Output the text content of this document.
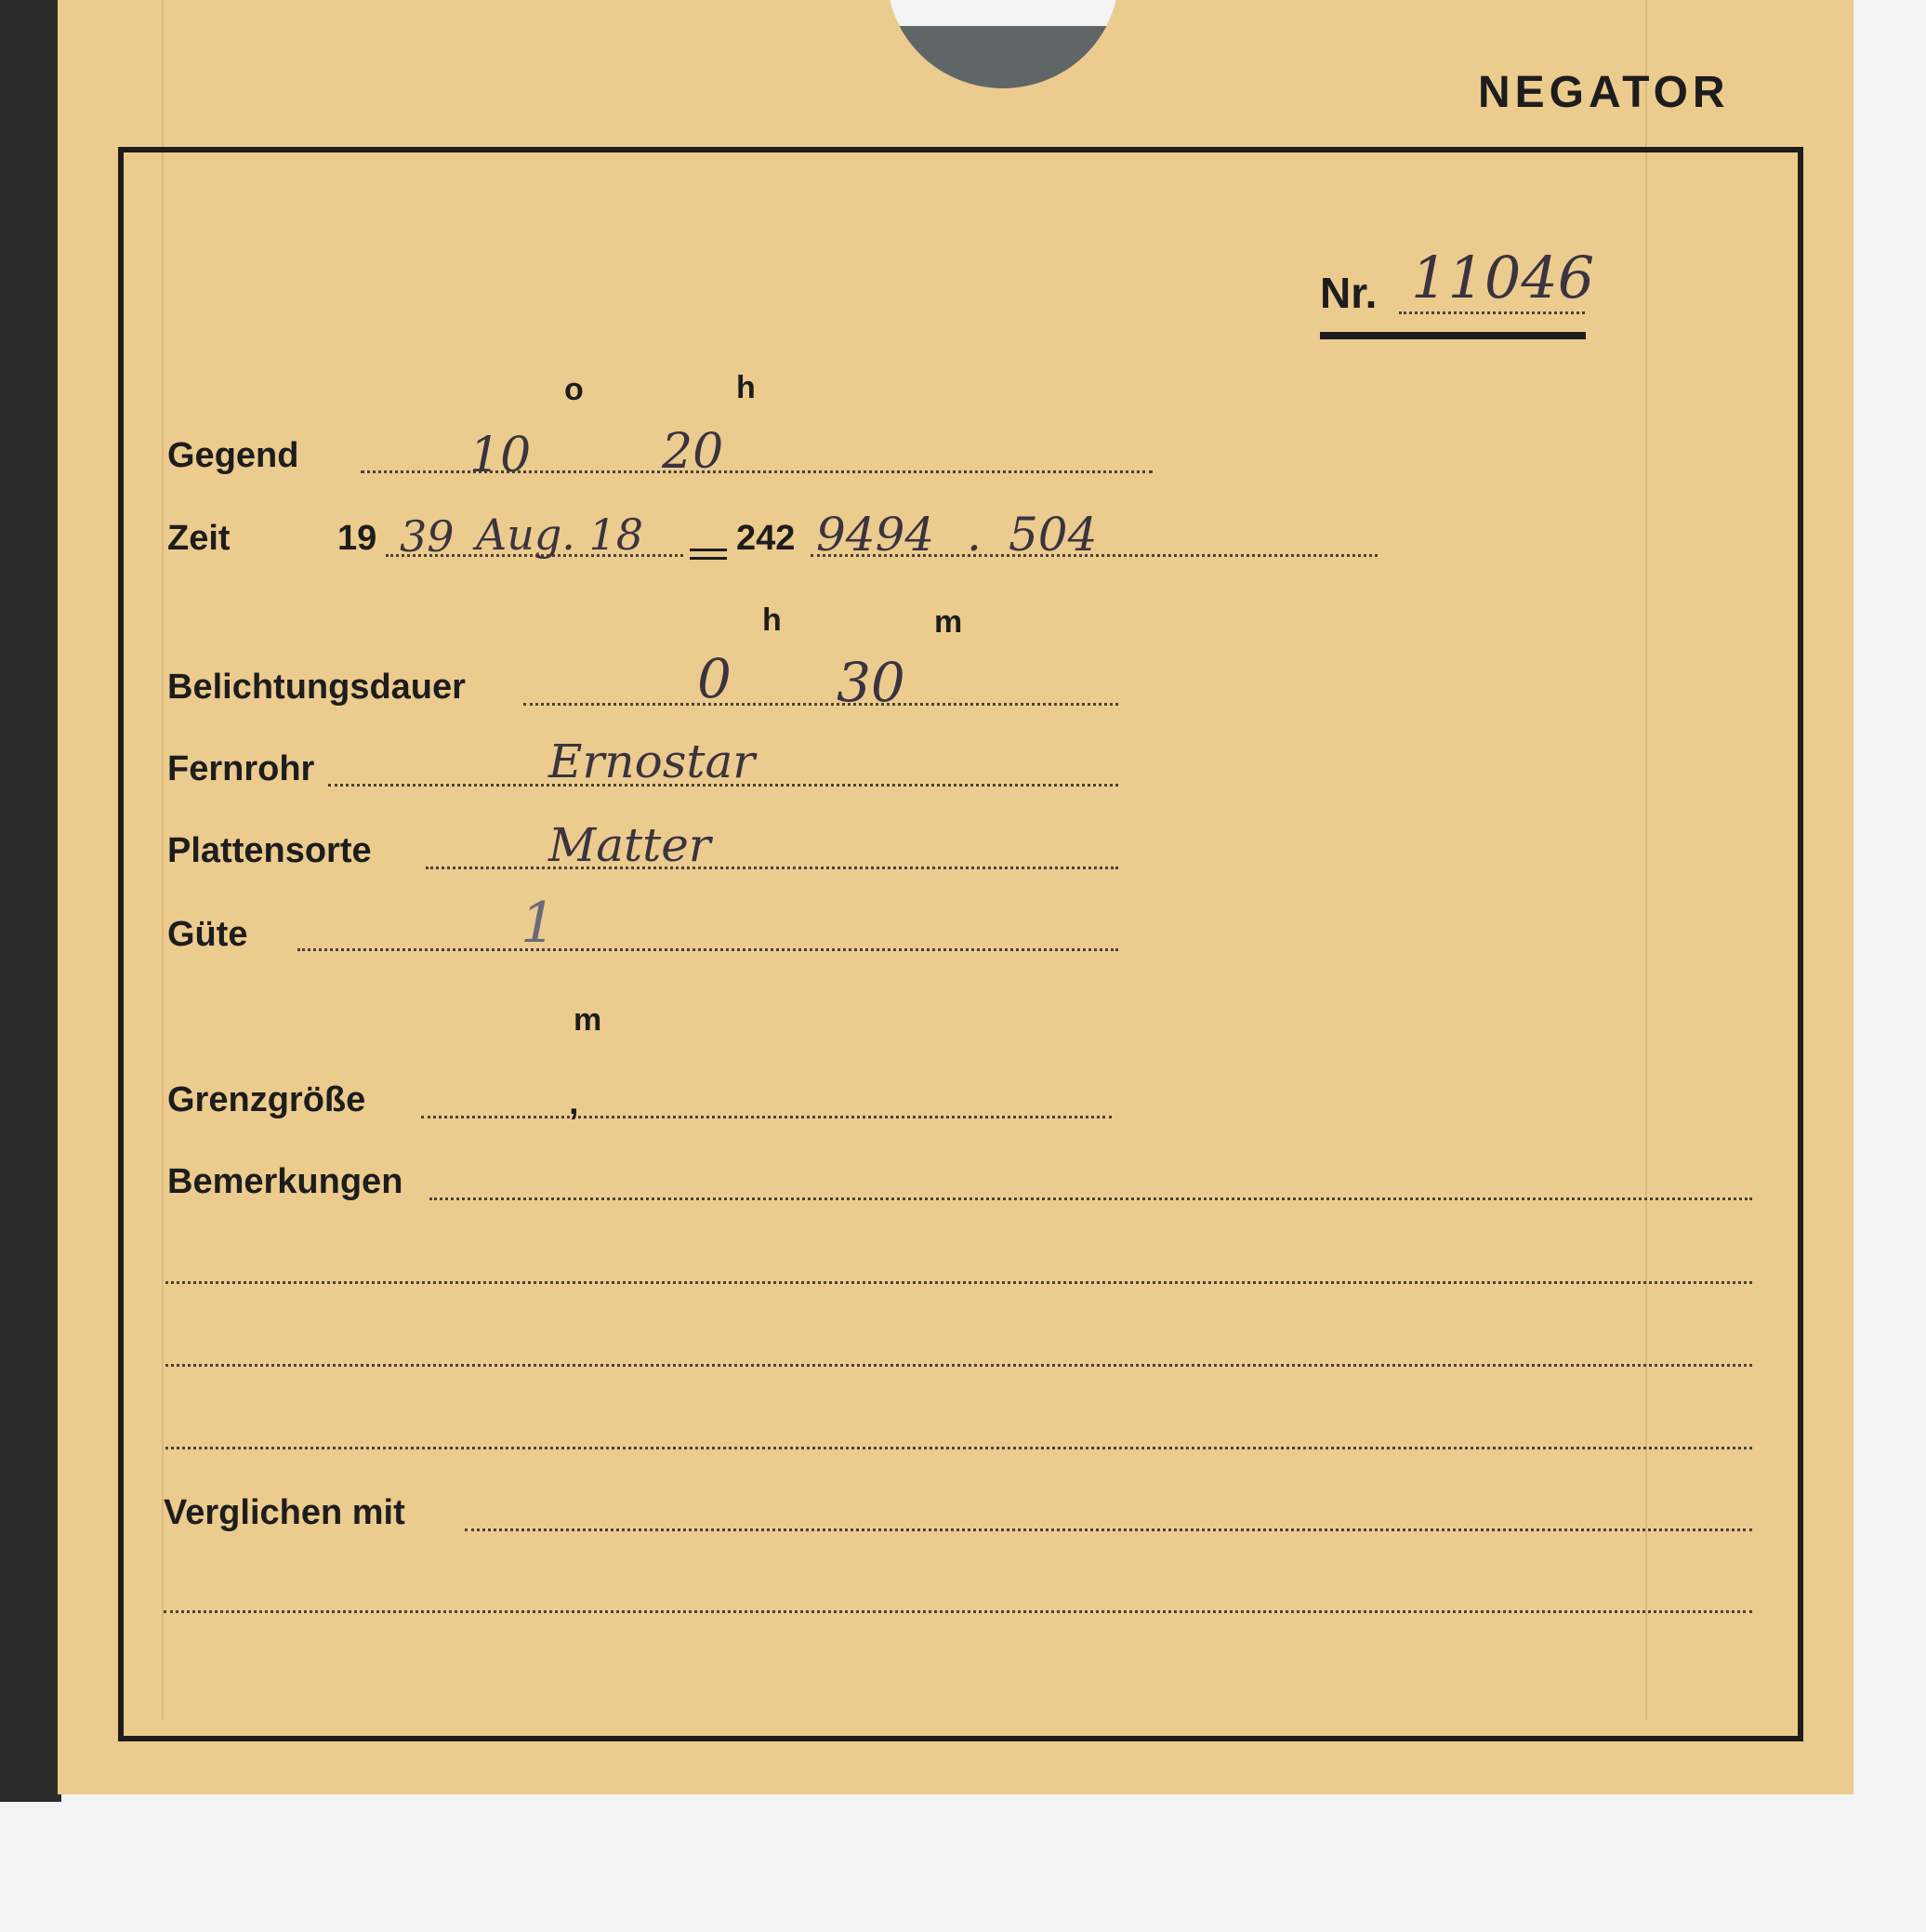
NEGATOR
Nr. 11046
o	h
Gegend	10	20
Zeit	19 39 Aug. 18	242 9494 . 504
h	m
Belichtungsdauer	0 30
Fernrohr	Ernostar
Plattensorte	Matter
Güte	1
m
Grenzgröße	,
Bemerkungen
Verglichen mit
